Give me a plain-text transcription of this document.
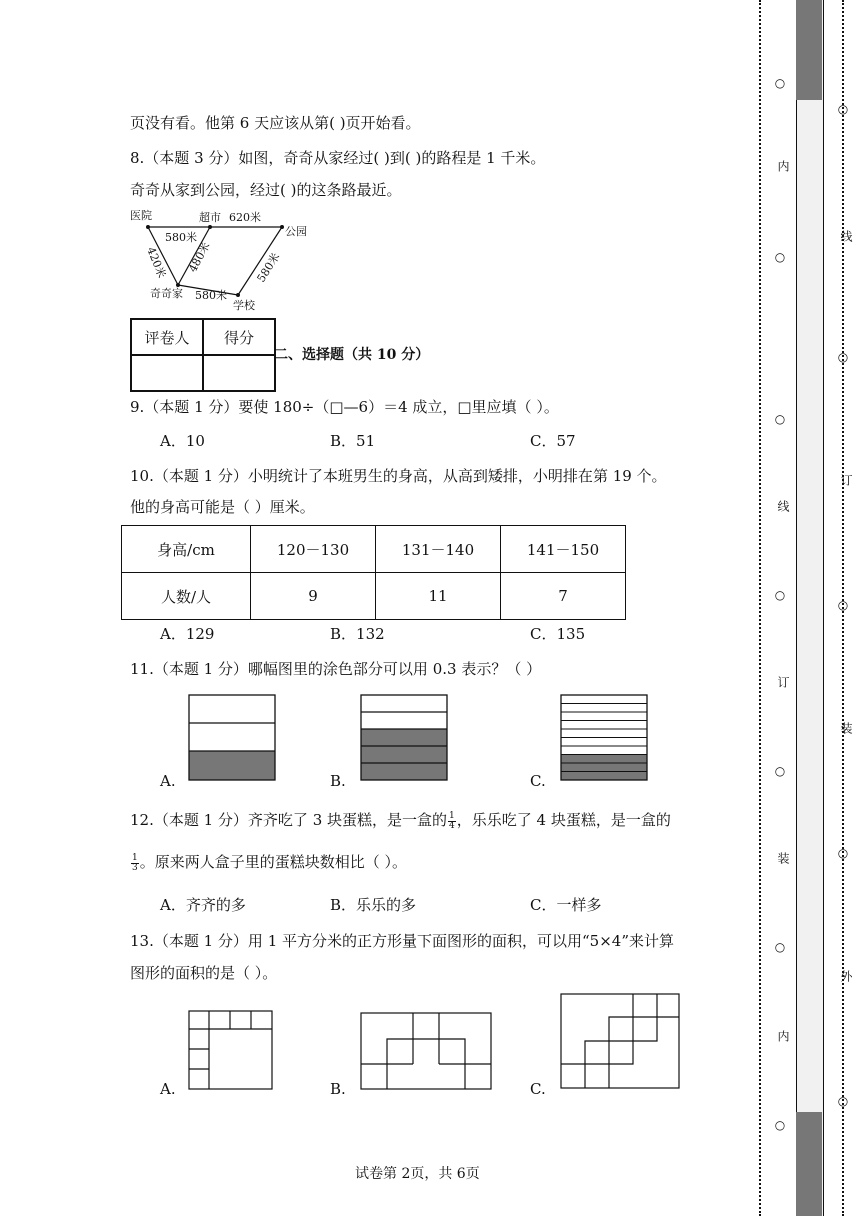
页没有看。他第 6 天应该从第( )页开始看。
8.（本题 3 分）如图，奇奇从家经过( )到( )的路程是 1 千米。
奇奇从家到公园，经过( )的这条路最近。
医院	超市 620米
公园
580米
奇奇家 580米
学校
420米 480米	580米
评卷人	得分

二、选择题（共 10 分）
9.（本题 1 分）要使 180÷（□—6）＝4 成立，□里应填（ ）。
A．10	B．51	C．57
10.（本题 1 分）小明统计了本班男生的身高，从高到矮排，小明排在第 19 个。
他的身高可能是（ ）厘米。
身高/cm	120－130	131－140	141－150
人数/人	9	11	7
A．129	B．132	C．135
11.（本题 1 分）哪幅图里的涂色部分可以用 0.3 表示？（ ）
A.	B.	C.
12.（本题 1 分）齐齐吃了 3 块蛋糕，是一盒的 $\frac{1}{4}$ ，乐乐吃了 4 块蛋糕，是一盒的
$\frac{1}{3}$ 。原来两人盒子里的蛋糕块数相比（ ）。
A．齐齐的多	B．乐乐的多	C．一样多
13.（本题 1 分）用 1 平方分米的正方形量下面图形的面积，可以用“5×4”来计算
图形的面积的是（ ）。
A.	B.	C.
试卷第 2页，共 6页
○
内
○
○
线
○
订
○
装
○
内
○
○
线
○
订
○
装
○
外
○
